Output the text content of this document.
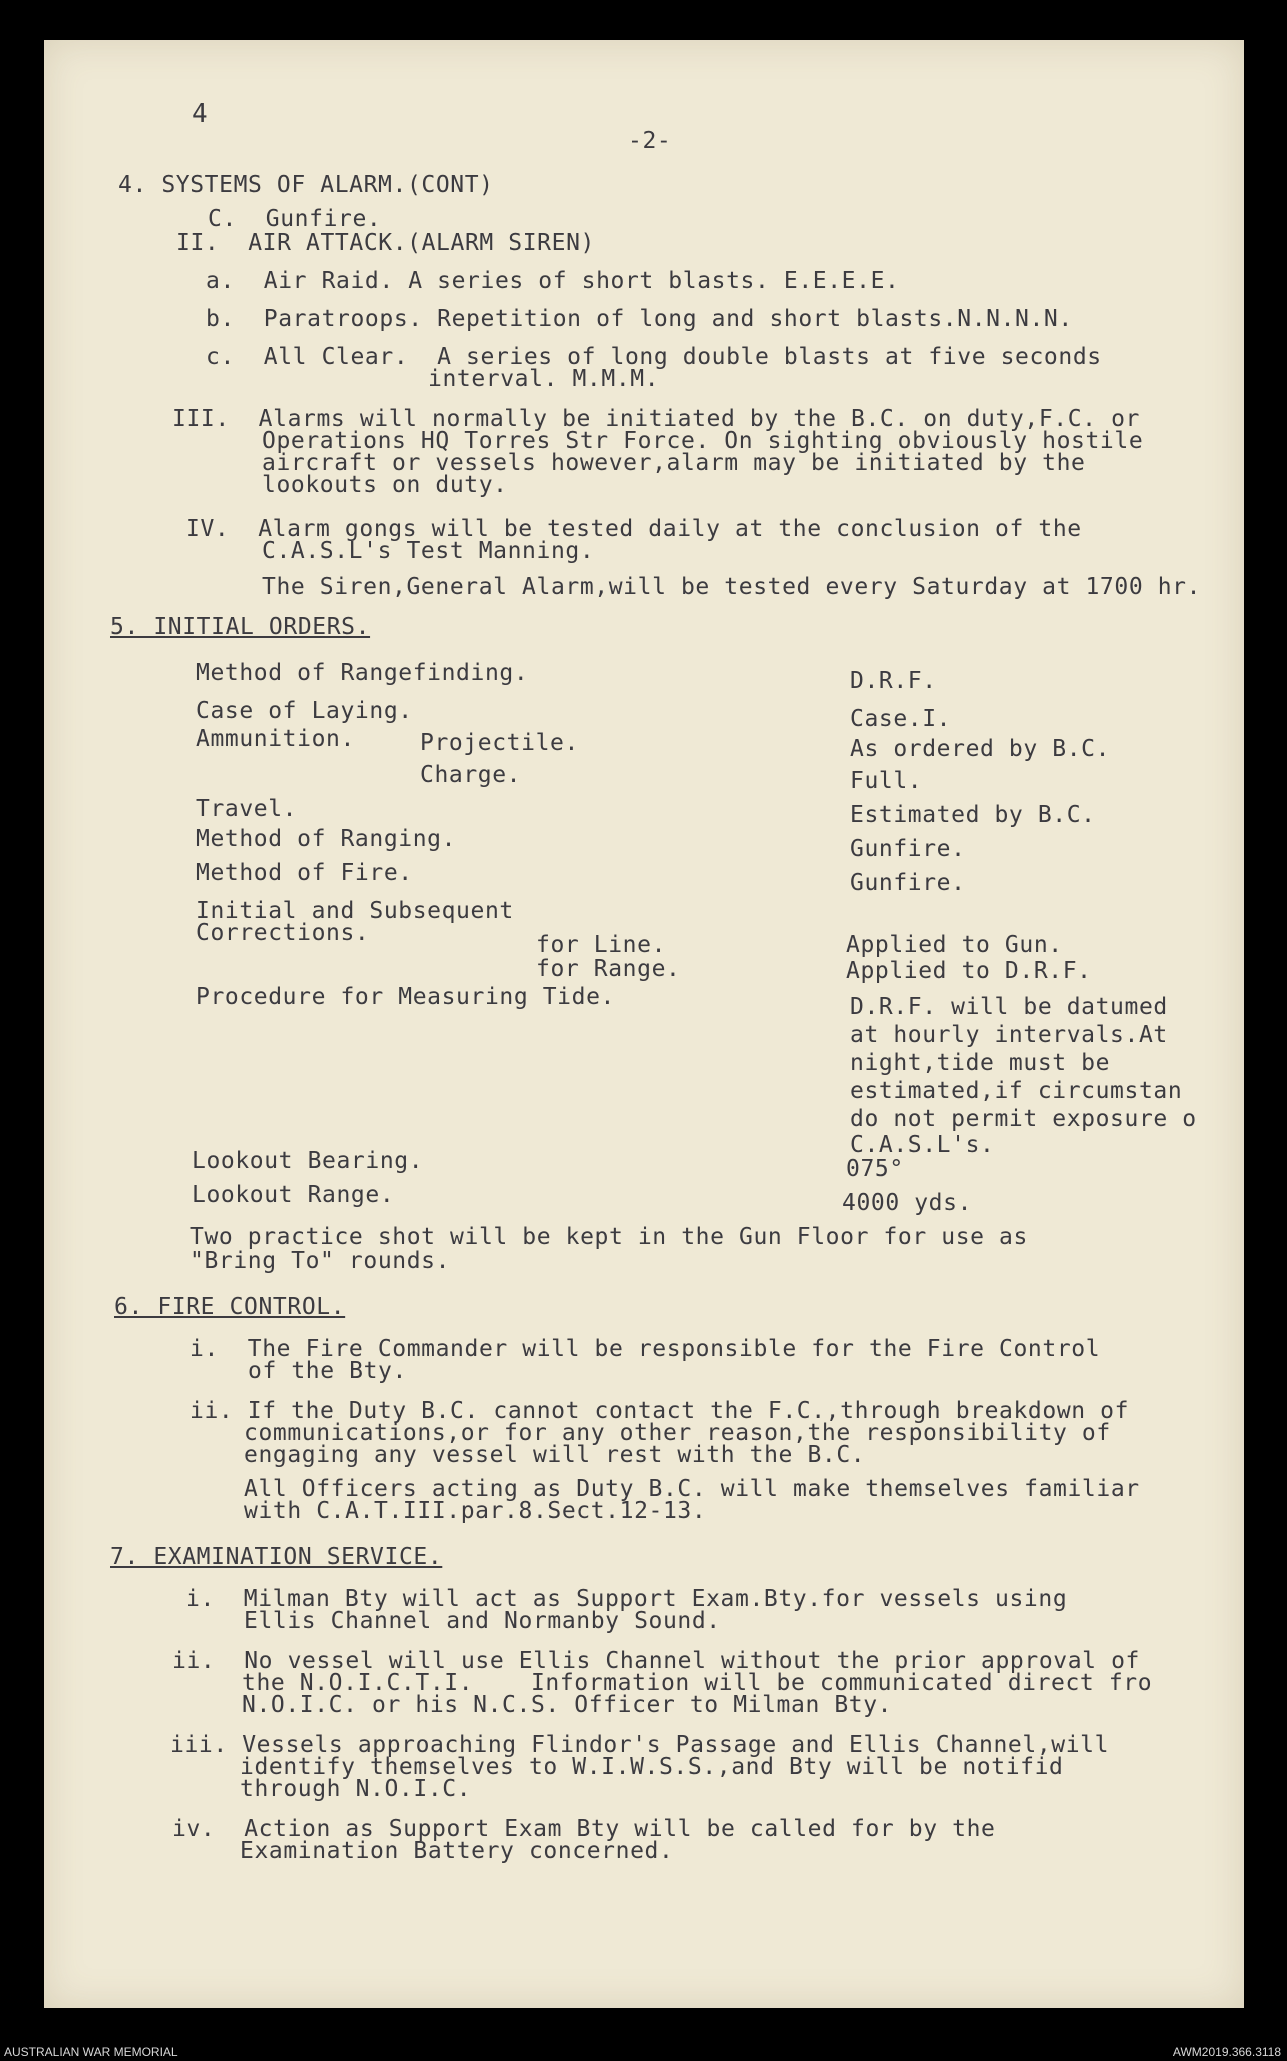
4
-2-
4. SYSTEMS OF ALARM.(CONT)
C.  Gunfire.
II.  AIR ATTACK.(ALARM SIREN)
a.  Air Raid. A series of short blasts. E.E.E.E.
b.  Paratroops. Repetition of long and short blasts.N.N.N.N.
c.  All Clear.  A series of long double blasts at five seconds
interval. M.M.M.
III.  Alarms will normally be initiated by the B.C. on duty,F.C. or
Operations HQ Torres Str Force. On sighting obviously hostile
aircraft or vessels however,alarm may be initiated by the
lookouts on duty.
IV.  Alarm gongs will be tested daily at the conclusion of the
C.A.S.L's Test Manning.
The Siren,General Alarm,will be tested every Saturday at 1700 hr.
5. INITIAL ORDERS.
Method of Rangefinding.	D.R.F.
Case of Laying.	Case.I.
Ammunition.	Projectile.	As ordered by B.C.
Charge.	Full.
Travel.	Estimated by B.C.
Method of Ranging.	Gunfire.
Method of Fire.	Gunfire.
Initial and Subsequent
Corrections.	for Line.	Applied to Gun.
for Range.	Applied to D.R.F.
Procedure for Measuring Tide.	D.R.F. will be datumed
at hourly intervals.At
night,tide must be
estimated,if circumstan
do not permit exposure o
C.A.S.L's.
Lookout Bearing.	075°
Lookout Range.	4000 yds.
Two practice shot will be kept in the Gun Floor for use as
"Bring To" rounds.
6. FIRE CONTROL.
i.  The Fire Commander will be responsible for the Fire Control
of the Bty.
ii. If the Duty B.C. cannot contact the F.C.,through breakdown of
communications,or for any other reason,the responsibility of
engaging any vessel will rest with the B.C.
All Officers acting as Duty B.C. will make themselves familiar
with C.A.T.III.par.8.Sect.12-13.
7. EXAMINATION SERVICE.
i.  Milman Bty will act as Support Exam.Bty.for vessels using
Ellis Channel and Normanby Sound.
ii.  No vessel will use Ellis Channel without the prior approval of
the N.O.I.C.T.I.    Information will be communicated direct fro
N.O.I.C. or his N.C.S. Officer to Milman Bty.
iii. Vessels approaching Flindor's Passage and Ellis Channel,will
identify themselves to W.I.W.S.S.,and Bty will be notifid
through N.O.I.C.
iv.  Action as Support Exam Bty will be called for by the
Examination Battery concerned.
AUSTRALIAN WAR MEMORIAL	AWM2019.366.3118
